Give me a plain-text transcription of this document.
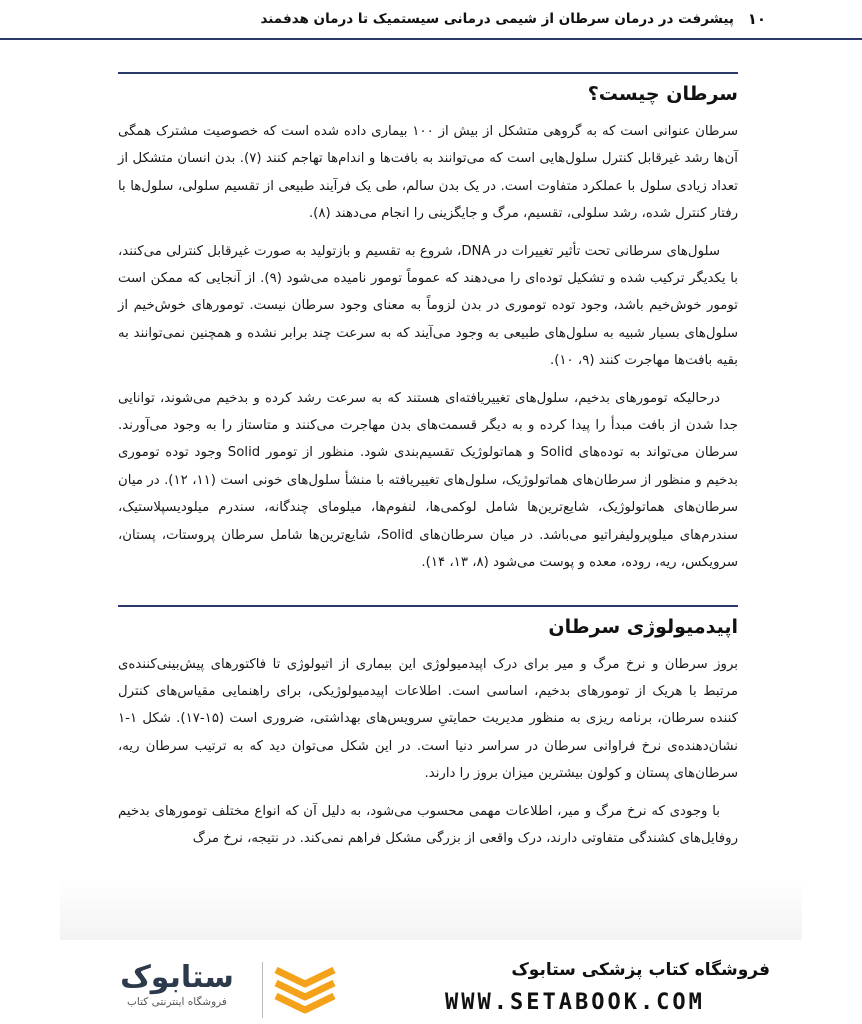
پیشرفت در درمان سرطان از شیمی درمانی سیستمیک تا درمان هدفمند ۱۰
سرطان چیست؟

سرطان عنوانی است که به گروهی متشکل از بیش از ۱۰۰ بیماری داده شده است که خصوصیت مشترک همگی آن‌ها رشد غیرقابل کنترل سلول‌هایی است که می‌توانند به بافت‌ها و اندام‌ها تهاجم کنند (۷). بدن انسان متشکل از تعداد زیادی سلول با عملکرد متفاوت است. در یک بدن سالم، طی یک فرآیند طبیعی از تقسیم سلولی، سلول‌ها با رفتار کنترل شده، رشد سلولی، تقسیم، مرگ و جایگزینی را انجام می‌دهند (۸).

سلول‌های سرطانی تحت تأثیر تغییرات در DNA، شروع به تقسیم و بازتولید به صورت غیرقابل کنترلی می‌کنند، با یکدیگر ترکیب شده و تشکیل توده‌ای را می‌دهند که عموماً تومور نامیده می‌شود (۹). از آنجایی که ممکن است تومور خوش‌خیم باشد، وجود توده توموری در بدن لزوماً به معنای وجود سرطان نیست. تومورهای خوش‌خیم از سلول‌های بسیار شبیه به سلول‌های طبیعی به وجود می‌آیند که به سرعت چند برابر نشده و همچنین نمی‌توانند به بقیه بافت‌ها مهاجرت کنند (۹، ۱۰).

درحالیکه تومورهای بدخیم، سلول‌های تغییریافته‌ای هستند که به سرعت رشد کرده و بدخیم می‌شوند، توانایی جدا شدن از بافت مبدأ را پیدا کرده و به دیگر قسمت‌های بدن مهاجرت می‌کنند و متاستاز را به وجود می‌آورند. سرطان می‌تواند به توده‌های Solid و هماتولوژیک تقسیم‌بندی شود. منظور از تومور Solid وجود توده توموری بدخیم و منظور از سرطان‌های هماتولوژیک، سلول‌های تغییریافته با منشأ سلول‌های خونی است (۱۱، ۱۲). در میان سرطان‌های هماتولوژیک، شایع‌ترین‌ها شامل لوکمی‌ها، لنفوم‌ها، میلومای چندگانه، سندرم میلودیسپلاستیک، سندرم‌های میلوپرولیفراتیو می‌باشد. در میان سرطان‌های Solid، شایع‌ترین‌ها شامل سرطان پروستات، پستان، سرویکس، ریه، روده، معده و پوست می‌شود (۸، ۱۳، ۱۴).

اپیدمیولوژی سرطان

بروز سرطان و نرخ مرگ و میر برای درک اپیدمیولوژی این بیماری از اتیولوژی تا فاکتورهای پیش‌بینی‌کننده‌ی مرتبط با هریک از تومورهای بدخیم، اساسی است. اطلاعات اپیدمیولوژیکی، برای راهنمایی مقیاس‌های کنترل کننده سرطان، برنامه ریزی به منظور مدیریت حمایتیِ سرویس‌های بهداشتی، ضروری است (۱۵-۱۷). شکل ۱-۱ نشان‌دهنده‌ی نرخ فراوانی سرطان در سراسر دنیا است. در این شکل می‌توان دید که به ترتیب سرطان ریه، سرطان‌های پستان و کولون بیشترین میزان بروز را دارند.

با وجودی که نرخ مرگ و میر، اطلاعات مهمی محسوب می‌شود، به دلیل آن که انواع مختلف تومورهای بدخیم روفایل‌های کشندگی متفاوتی دارند، درک واقعی از بزرگی مشکل فراهم نمی‌کند. در نتیجه، نرخ مرگ

ستابوک
فروشگاه اینترنتی کتاب
فروشگاه کتاب پزشکی ستابوک
WWW.SETABOOK.COM
